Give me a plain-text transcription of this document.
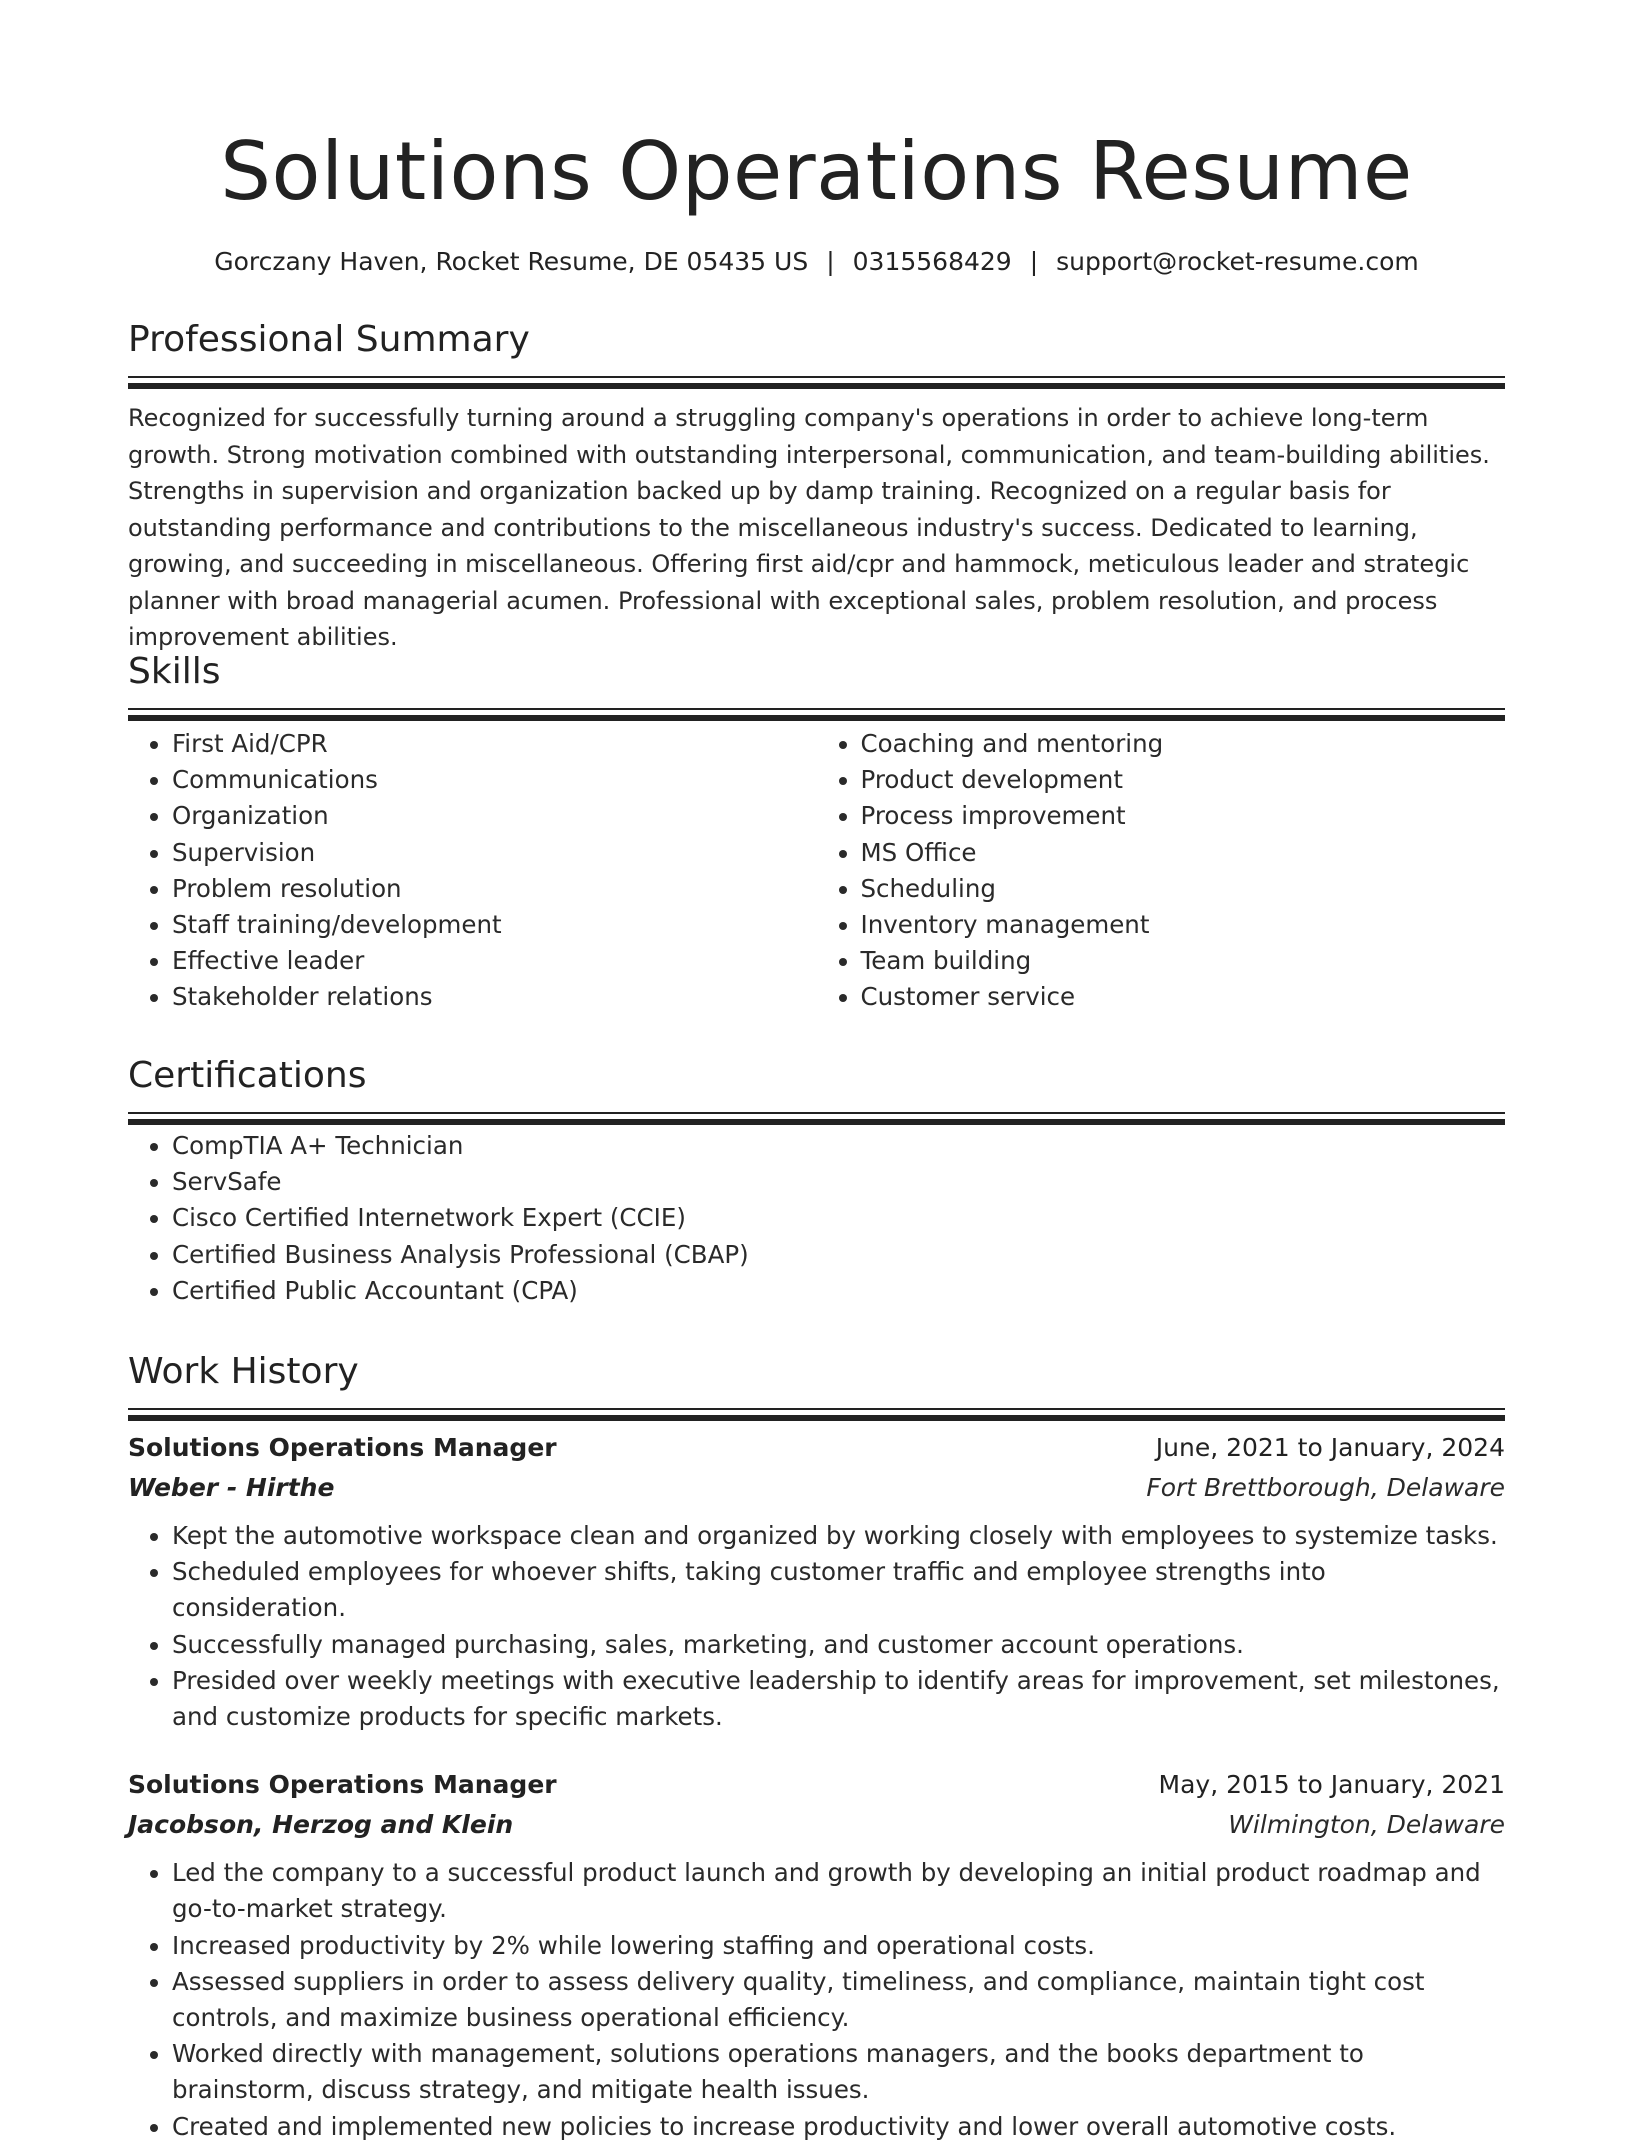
Solutions Operations Resume
Gorczany Haven, Rocket Resume, DE 05435 US | 0315568429 | support@rocket-resume.com
Professional Summary

Recognized for successfully turning around a struggling company's operations in order to achieve long-term growth. Strong motivation combined with outstanding interpersonal, communication, and team-building abilities. Strengths in supervision and organization backed up by damp training. Recognized on a regular basis for outstanding performance and contributions to the miscellaneous industry's success. Dedicated to learning, growing, and succeeding in miscellaneous. Offering first aid/cpr and hammock, meticulous leader and strategic planner with broad managerial acumen. Professional with exceptional sales, problem resolution, and process improvement abilities.

Skills
• First Aid/CPR
• Communications
• Organization
• Supervision
• Problem resolution
• Staff training/development
• Effective leader
• Stakeholder relations
• Coaching and mentoring
• Product development
• Process improvement
• MS Office
• Scheduling
• Inventory management
• Team building
• Customer service
Certifications
• CompTIA A+ Technician
• ServSafe
• Cisco Certified Internetwork Expert (CCIE)
• Certified Business Analysis Professional (CBAP)
• Certified Public Accountant (CPA)
Work History
Solutions Operations Manager	June, 2021 to January, 2024
Weber - Hirthe	Fort Brettborough, Delaware
• Kept the automotive workspace clean and organized by working closely with employees to systemize tasks.
• Scheduled employees for whoever shifts, taking customer traffic and employee strengths into consideration.
• Successfully managed purchasing, sales, marketing, and customer account operations.
• Presided over weekly meetings with executive leadership to identify areas for improvement, set milestones, and customize products for specific markets.
Solutions Operations Manager	May, 2015 to January, 2021
Jacobson, Herzog and Klein	Wilmington, Delaware
• Led the company to a successful product launch and growth by developing an initial product roadmap and go-to-market strategy.
• Increased productivity by 2% while lowering staffing and operational costs.
• Assessed suppliers in order to assess delivery quality, timeliness, and compliance, maintain tight cost controls, and maximize business operational efficiency.
• Worked directly with management, solutions operations managers, and the books department to brainstorm, discuss strategy, and mitigate health issues.
• Created and implemented new policies to increase productivity and lower overall automotive costs.
